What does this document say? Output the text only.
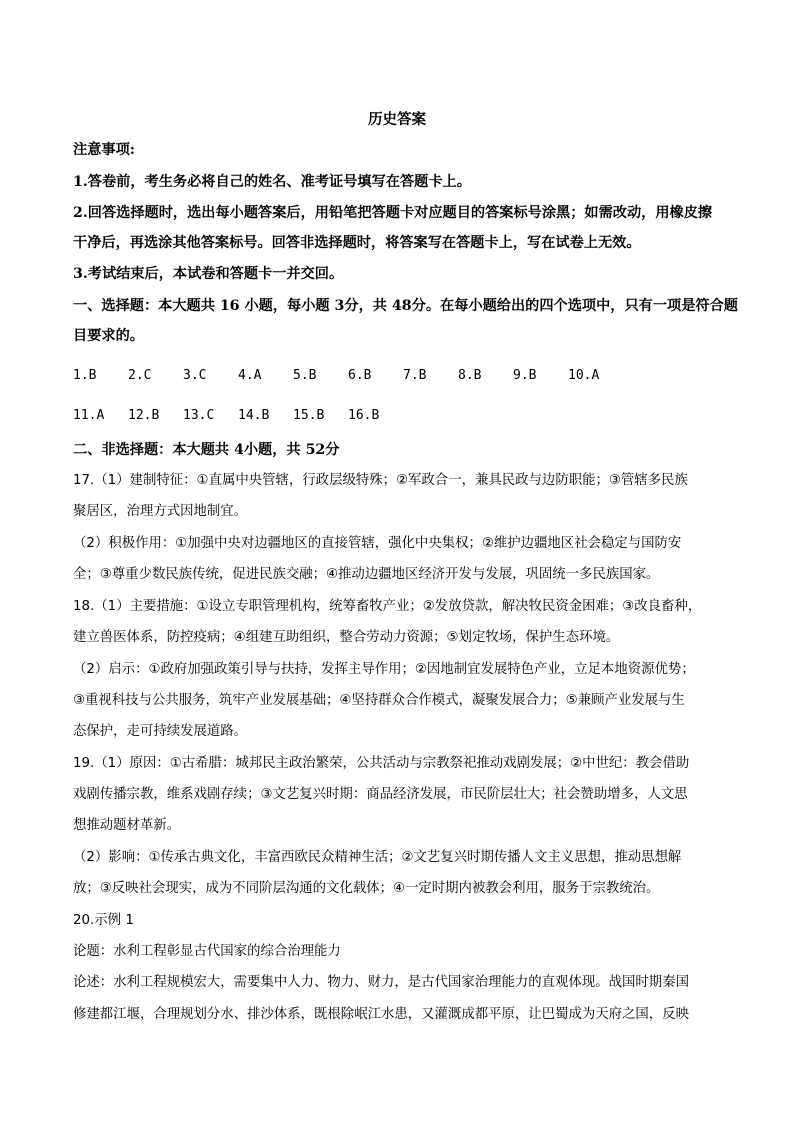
历史答案
注意事项:
1.答卷前，考生务必将自己的姓名、准考证号填写在答题卡上。
2.回答选择题时，选出每小题答案后，用铅笔把答题卡对应题目的答案标号涂黑；如需改动，用橡皮擦
干净后，再选涂其他答案标号。回答非选择题时，将答案写在答题卡上，写在试卷上无效。
3.考试结束后，本试卷和答题卡一并交回。
一、选择题：本大题共 16 小题，每小题 3分，共 48分。在每小题给出的四个选项中，只有一项是符合题
目要求的。
1.B 2.C 3.C 4.A 5.B 6.B 7.B 8.B 9.B 10.A
11.A 12.B 13.C 14.B 15.B 16.B
二、非选择题：本大题共 4小题，共 52分
17.（1）建制特征：①直属中央管辖，行政层级特殊；②军政合一，兼具民政与边防职能；③管辖多民族
聚居区，治理方式因地制宜。
（2）积极作用：①加强中央对边疆地区的直接管辖，强化中央集权；②维护边疆地区社会稳定与国防安
全；③尊重少数民族传统，促进民族交融；④推动边疆地区经济开发与发展，巩固统一多民族国家。
18.（1）主要措施：①设立专职管理机构，统筹畜牧产业；②发放贷款，解决牧民资金困难；③改良畜种，
建立兽医体系，防控疫病；④组建互助组织，整合劳动力资源；⑤划定牧场，保护生态环境。
（2）启示：①政府加强政策引导与扶持，发挥主导作用；②因地制宜发展特色产业，立足本地资源优势；
③重视科技与公共服务，筑牢产业发展基础；④坚持群众合作模式，凝聚发展合力；⑤兼顾产业发展与生
态保护，走可持续发展道路。
19.（1）原因：①古希腊：城邦民主政治繁荣，公共活动与宗教祭祀推动戏剧发展；②中世纪：教会借助
戏剧传播宗教，维系戏剧存续；③文艺复兴时期：商品经济发展，市民阶层壮大；社会赞助增多，人文思
想推动题材革新。
（2）影响：①传承古典文化，丰富西欧民众精神生活；②文艺复兴时期传播人文主义思想，推动思想解
放；③反映社会现实，成为不同阶层沟通的文化载体；④一定时期内被教会利用，服务于宗教统治。
20.示例 1
论题：水利工程彰显古代国家的综合治理能力
论述：水利工程规模宏大，需要集中人力、物力、财力，是古代国家治理能力的直观体现。战国时期秦国
修建都江堰，合理规划分水、排沙体系，既根除岷江水患，又灌溉成都平原，让巴蜀成为天府之国，反映
